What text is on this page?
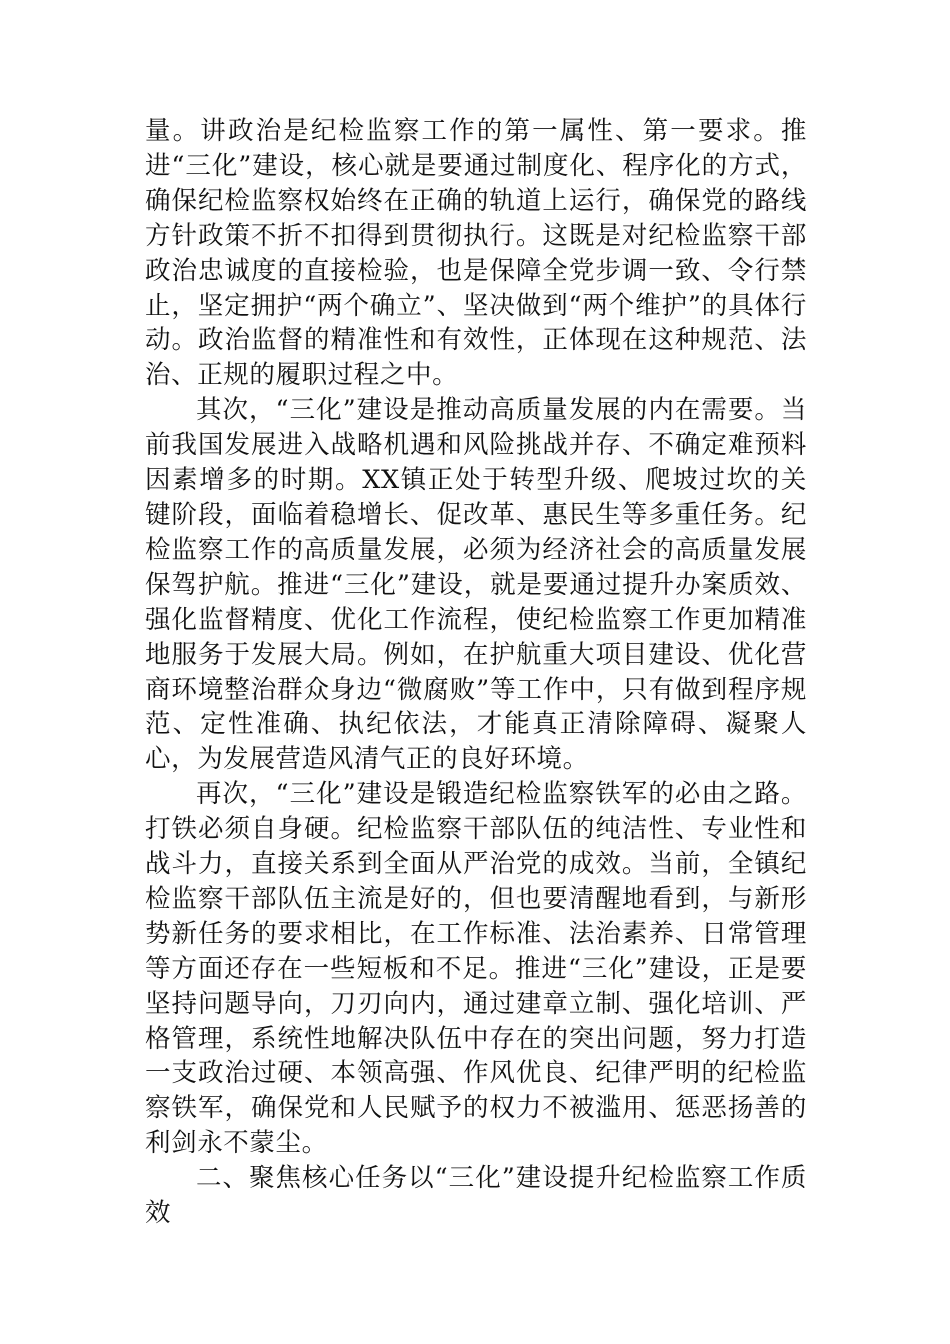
量。讲政治是纪检监察工作的第一属性、第一要求。推进“三化”建设，核心就是要通过制度化、程序化的方式，确保纪检监察权始终在正确的轨道上运行，确保党的路线方针政策不折不扣得到贯彻执行。这既是对纪检监察干部政治忠诚度的直接检验，也是保障全党步调一致、令行禁止，坚定拥护“两个确立”、坚决做到“两个维护”的具体行动。政治监督的精准性和有效性，正体现在这种规范、法治、正规的履职过程之中。

其次，“三化”建设是推动高质量发展的内在需要。当前我国发展进入战略机遇和风险挑战并存、不确定难预料因素增多的时期。XX镇正处于转型升级、爬坡过坎的关键阶段，面临着稳增长、促改革、惠民生等多重任务。纪检监察工作的高质量发展，必须为经济社会的高质量发展保驾护航。推进“三化”建设，就是要通过提升办案质效、强化监督精度、优化工作流程，使纪检监察工作更加精准地服务于发展大局。例如，在护航重大项目建设、优化营商环境整治群众身边“微腐败”等工作中，只有做到程序规范、定性准确、执纪依法，才能真正清除障碍、凝聚人心，为发展营造风清气正的良好环境。

再次，“三化”建设是锻造纪检监察铁军的必由之路。打铁必须自身硬。纪检监察干部队伍的纯洁性、专业性和战斗力，直接关系到全面从严治党的成效。当前，全镇纪检监察干部队伍主流是好的，但也要清醒地看到，与新形势新任务的要求相比，在工作标准、法治素养、日常管理等方面还存在一些短板和不足。推进“三化”建设，正是要坚持问题导向，刀刃向内，通过建章立制、强化培训、严格管理，系统性地解决队伍中存在的突出问题，努力打造一支政治过硬、本领高强、作风优良、纪律严明的纪检监察铁军，确保党和人民赋予的权力不被滥用、惩恶扬善的利剑永不蒙尘。

二、聚焦核心任务以“三化”建设提升纪检监察工作质效
